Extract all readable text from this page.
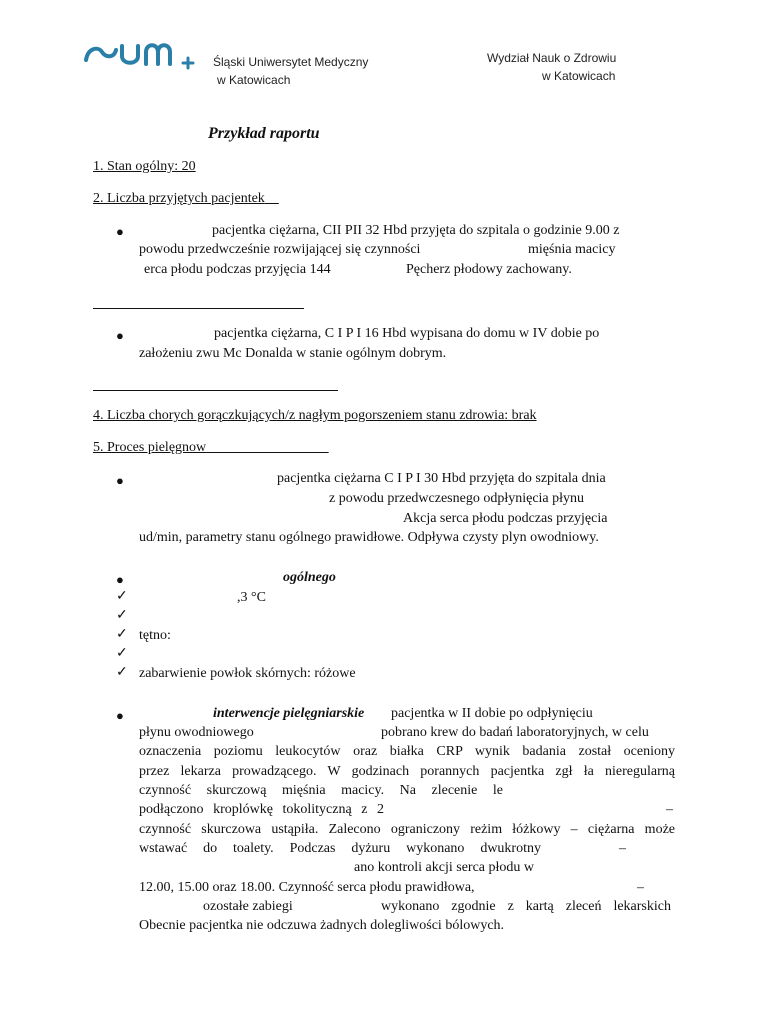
Śląski Uniwersytet Medyczny
w Katowicach
Wydział Nauk o Zdrowiu
w Katowicach
Przykład raportu
1. Stan ogólny: 20
2. Liczba przyjętych pacjentek
●	pacjentka ciężarna, CII PII 32 Hbd przyjęta do szpitala o godzinie 9.00 z
powodu przedwcześnie rozwijającej się czynności	mięśnia macicy
erca płodu podczas przyjęcia 144	Pęcherz płodowy zachowany.
●	pacjentka ciężarna, C I P I 16 Hbd wypisana do domu w IV dobie po
założeniu zwu Mc Donalda w stanie ogólnym dobrym.
4. Liczba chorych gorączkujących/z nagłym pogorszeniem stanu zdrowia: brak
5. Proces pielęgnow
●	pacjentka ciężarna C I P I 30 Hbd przyjęta do szpitala dnia
z powodu przedwczesnego odpłynięcia płynu
Akcja serca płodu podczas przyjęcia
ud/min, parametry stanu ogólnego prawidłowe. Odpływa czysty plyn owodniowy.
●	ogólnego
✓	,3 °C
✓
✓ tętno:
✓
✓ zabarwienie powłok skórnych: różowe
●	interwencje pielęgniarskie pacjentka w II dobie po odpłynięciu
płynu owodniowego	pobrano krew do badań laboratoryjnych, w celu
oznaczenia poziomu leukocytów oraz białka CRP wynik badania został oceniony
przez lekarza prowadzącego. W godzinach porannych pacjentka zgł ła nieregularną
czynność skurczową mięśnia macicy. Na zlecenie le
podłączono kroplówkę tokolityczną z 2	–
czynność skurczowa ustąpiła. Zalecono ograniczony reżim łóżkowy – ciężarna może
wstawać do toalety. Podczas dyżuru wykonano dwukrotny	–
ano kontroli akcji serca płodu w
12.00, 15.00 oraz 18.00. Czynność serca płodu prawidłowa,	–
ozostałe zabiegi	wykonano zgodnie z kartą zleceń lekarskich
Obecnie pacjentka nie odczuwa żadnych dolegliwości bólowych.
